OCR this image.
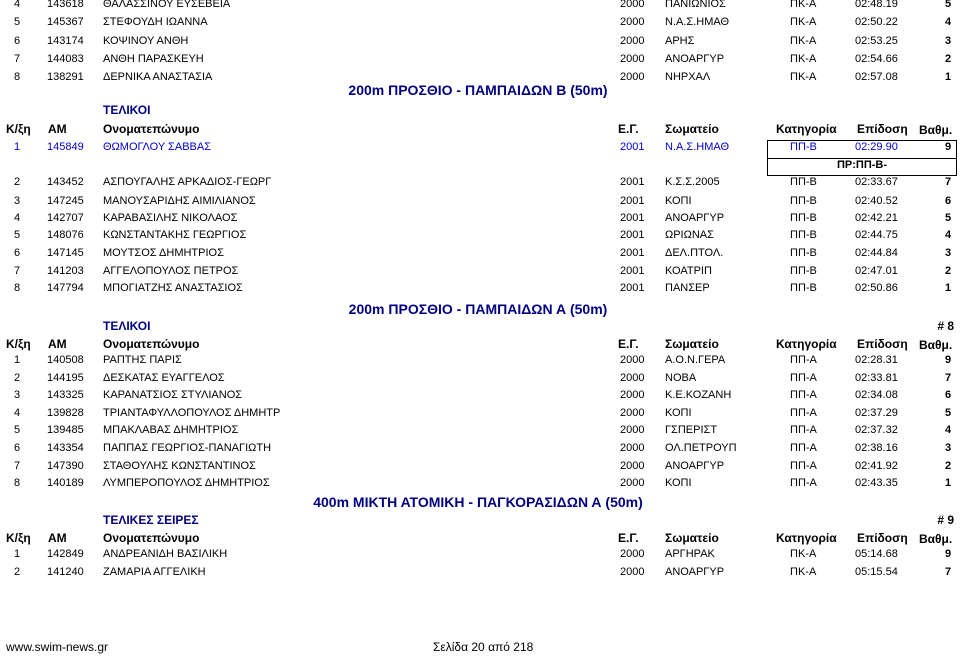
4	143618 ΘΑΛΑΣΣΙΝΟΥ ΕΥΣΕΒΕΙΑ	2000 ΠΑΝΙΩΝΙΟΣ	ΠΚ-Α	02:48.19	5
5	145367 ΣΤΕΦΟΥΔΗ ΙΩΑΝΝΑ	2000 Ν.Α.Σ.ΗΜΑΘ	ΠΚ-Α	02:50.22	4
6	143174 ΚΟΨΙΝΟΥ ΑΝΘΗ	2000 ΑΡΗΣ	ΠΚ-Α	02:53.25	3
7	144083 ΑΝΘΗ ΠΑΡΑΣΚΕΥΗ	2000 ΑΝΟΑΡΓΥΡ	ΠΚ-Α	02:54.66	2
8	138291 ΔΕΡΝΙΚΑ ΑΝΑΣΤΑΣΙΑ	2000 ΝΗΡΧΑΛ	ΠΚ-Α	02:57.08	1
200m ΠΡΟΣΘΙΟ - ΠΑΜΠΑΙΔΩΝ Β (50m)
ΤΕΛΙΚΟΙ
Κ/ξη ΑΜ	Ονοματεπώνυμο	Ε.Γ. Σωματείο	Κατηγορία Επίδοση Βαθμ.
1	145849 ΘΩΜΟΓΛΟΥ ΣΑΒΒΑΣ	2001 Ν.Α.Σ.ΗΜΑΘ	ΠΠ-Β	02:29.90	9
ΠΡ:ΠΠ-Β-
2	143452 ΑΣΠΟΥΓΑΛΗΣ ΑΡΚΑΔΙΟΣ-ΓΕΩΡΓ	2001 Κ.Σ.Σ.2005	ΠΠ-Β	02:33.67	7
3	147245 ΜΑΝΟΥΣΑΡΙΔΗΣ ΑΙΜΙΛΙΑΝΟΣ	2001 ΚΟΠΙ	ΠΠ-Β	02:40.52	6
4	142707 ΚΑΡΑΒΑΣΙΛΗΣ ΝΙΚΟΛΑΟΣ	2001 ΑΝΟΑΡΓΥΡ	ΠΠ-Β	02:42.21	5
5	148076 ΚΩΝΣΤΑΝΤΑΚΗΣ ΓΕΩΡΓΙΟΣ	2001 ΩΡΙΩΝΑΣ	ΠΠ-Β	02:44.75	4
6	147145 ΜΟΥΤΣΟΣ ΔΗΜΗΤΡΙΟΣ	2001 ΔΕΛ.ΠΤΟΛ.	ΠΠ-Β	02:44.84	3
7	141203 ΑΓΓΕΛΟΠΟΥΛΟΣ ΠΕΤΡΟΣ	2001 ΚΟΑΤΡΙΠ	ΠΠ-Β	02:47.01	2
8	147794 ΜΠΟΓΙΑΤΖΗΣ ΑΝΑΣΤΑΣΙΟΣ	2001 ΠΑΝΣΕΡ	ΠΠ-Β	02:50.86	1
200m ΠΡΟΣΘΙΟ - ΠΑΜΠΑΙΔΩΝ Α (50m)
ΤΕΛΙΚΟΙ	# 8
Κ/ξη ΑΜ	Ονοματεπώνυμο	Ε.Γ. Σωματείο	Κατηγορία Επίδοση Βαθμ.
1	140508 ΡΑΠΤΗΣ ΠΑΡΙΣ	2000 Α.Ο.Ν.ΓΕΡΑ	ΠΠ-Α	02:28.31	9
2	144195 ΔΕΣΚΑΤΑΣ ΕΥΑΓΓΕΛΟΣ	2000 ΝΟΒΑ	ΠΠ-Α	02:33.81	7
3	143325 ΚΑΡΑΝΑΤΣΙΟΣ ΣΤΥΛΙΑΝΟΣ	2000 Κ.Ε.ΚΟΖΑΝΗ	ΠΠ-Α	02:34.08	6
4	139828 ΤΡΙΑΝΤΑΦΥΛΛΟΠΟΥΛΟΣ ΔΗΜΗΤΡ	2000 ΚΟΠΙ	ΠΠ-Α	02:37.29	5
5	139485 ΜΠΑΚΛΑΒΑΣ ΔΗΜΗΤΡΙΟΣ	2000 ΓΣΠΕΡΙΣΤ	ΠΠ-Α	02:37.32	4
6	143354 ΠΑΠΠΑΣ ΓΕΩΡΓΙΟΣ-ΠΑΝΑΓΙΩΤΗ	2000 ΟΛ.ΠΕΤΡΟΥΠ	ΠΠ-Α	02:38.16	3
7	147390 ΣΤΑΘΟΥΛΗΣ ΚΩΝΣΤΑΝΤΙΝΟΣ	2000 ΑΝΟΑΡΓΥΡ	ΠΠ-Α	02:41.92	2
8	140189 ΛΥΜΠΕΡΟΠΟΥΛΟΣ ΔΗΜΗΤΡΙΟΣ	2000 ΚΟΠΙ	ΠΠ-Α	02:43.35	1
400m ΜΙΚΤΗ ΑΤΟΜΙΚΗ - ΠΑΓΚΟΡΑΣΙΔΩΝ Α (50m)
ΤΕΛΙΚΕΣ ΣΕΙΡΕΣ	# 9
Κ/ξη ΑΜ	Ονοματεπώνυμο	Ε.Γ. Σωματείο	Κατηγορία Επίδοση Βαθμ.
1	142849 ΑΝΔΡΕΑΝΙΔΗ ΒΑΣΙΛΙΚΗ	2000 ΑΡΓΗΡΑΚ	ΠΚ-Α	05:14.68	9
2	141240 ΖΑΜΑΡΙΑ ΑΓΓΕΛΙΚΗ	2000 ΑΝΟΑΡΓΥΡ	ΠΚ-Α	05:15.54	7
www.swim-news.gr	Σελίδα 20 από 218
